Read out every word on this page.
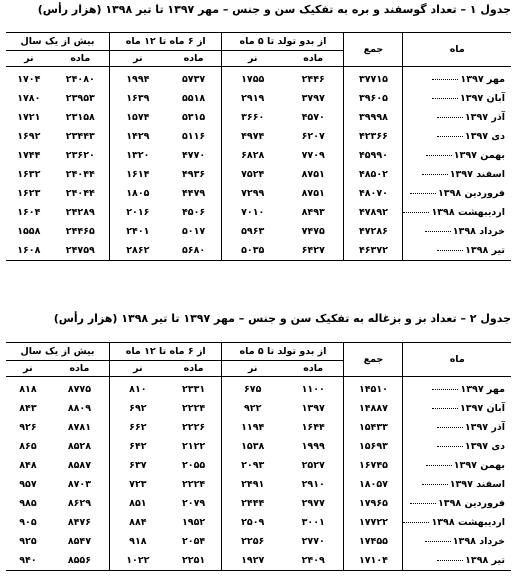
جدول ۱ – تعداد گوسفند و بره به تفکیک سن و جنس – مهر ۱۳۹۷ تا تیر ۱۳۹۸ (هزار رأس)
ماه	جمع	از بدو تولد تا ۵ ماه		از ۶ ماه تا ۱۲ ماه		بیش از یک سال	
		ماده	نر	ماده	نر	ماده	نر
مهر ۱۳۹۷	۳۷۷۱۵	۲۴۴۶	۱۷۵۵	۵۷۳۷	۱۹۹۴	۲۴۰۸۰	۱۷۰۴
آبان ۱۳۹۷	۳۹۶۰۵	۳۷۹۷	۲۹۱۹	۵۵۱۸	۱۶۳۹	۲۳۹۵۳	۱۷۸۰
آذر ۱۳۹۷	۳۹۹۹۸	۴۵۷۰	۳۶۶۰	۵۳۱۵	۱۵۷۴	۲۳۱۵۸	۱۷۲۱
دی ۱۳۹۷	۴۲۳۶۶	۶۲۰۷	۴۹۷۴	۵۱۱۶	۱۴۲۹	۲۳۴۴۳	۱۶۹۲
بهمن ۱۳۹۷	۴۵۹۹۰	۷۷۰۹	۶۸۲۸	۴۷۷۰	۱۳۲۰	۲۳۶۲۰	۱۷۴۴
اسفند ۱۳۹۷	۴۸۵۰۲	۸۷۵۱	۷۵۲۴	۴۹۳۶	۱۶۱۴	۲۴۰۴۴	۱۶۳۲
فروردین ۱۳۹۸	۴۸۰۷۰	۸۷۵۱	۷۲۹۹	۴۴۷۹	۱۸۰۵	۲۴۰۴۴	۱۶۲۳
اردیبهشت ۱۳۹۸	۴۷۸۹۲	۸۴۹۳	۷۰۱۰	۴۵۰۶	۲۰۱۶	۲۴۲۸۹	۱۶۰۴
خرداد ۱۳۹۸	۴۷۲۸۶	۷۴۷۵	۵۹۶۳	۵۰۱۷	۲۴۰۱	۲۴۴۶۵	۱۵۵۸
تیر ۱۳۹۸	۴۶۳۷۲	۶۴۲۷	۵۰۳۵	۵۶۸۰	۲۸۶۲	۲۴۷۵۹	۱۶۰۸
جدول ۲ – تعداد بز و بزغاله به تفکیک سن و جنس – مهر ۱۳۹۷ تا تیر ۱۳۹۸ (هزار رأس)
ماه	جمع	از بدو تولد تا ۵ ماه		از ۶ ماه تا ۱۲ ماه		بیش از یک سال	
		ماده	نر	ماده	نر	ماده	نر
مهر ۱۳۹۷	۱۴۵۱۰	۱۱۰۰	۶۷۵	۲۳۳۱	۸۱۰	۸۷۷۵	۸۱۸
آبان ۱۳۹۷	۱۴۸۸۷	۱۳۹۷	۹۲۲	۲۲۲۴	۶۹۲	۸۸۰۹	۸۴۳
آذر ۱۳۹۷	۱۵۴۳۳	۱۶۴۴	۱۱۹۴	۲۲۲۶	۶۶۲	۸۷۸۱	۹۲۶
دی ۱۳۹۷	۱۵۶۹۳	۱۹۹۹	۱۵۳۸	۲۱۲۲	۶۴۲	۸۵۲۸	۸۶۵
بهمن ۱۳۹۷	۱۶۷۴۵	۲۵۲۷	۲۰۹۳	۲۰۵۵	۶۳۷	۸۵۸۷	۸۴۸
اسفند ۱۳۹۷	۱۸۰۵۷	۲۹۱۰	۲۴۹۱	۲۲۲۴	۷۲۳	۸۷۰۳	۹۵۷
فروردین ۱۳۹۸	۱۷۹۶۵	۲۹۷۷	۲۴۴۴	۲۰۷۹	۸۵۱	۸۶۲۹	۹۸۵
اردیبهشت ۱۳۹۸	۱۷۷۲۲	۳۰۰۱	۲۵۰۹	۱۹۵۲	۸۸۴	۸۴۷۶	۹۰۵
خرداد ۱۳۹۸	۱۷۴۵۵	۲۷۷۰	۲۲۵۶	۲۰۵۴	۹۱۸	۸۵۴۷	۹۲۵
تیر ۱۳۹۸	۱۷۱۰۴	۲۴۰۹	۱۹۲۷	۲۲۵۱	۱۰۲۲	۸۵۵۶	۹۴۰
